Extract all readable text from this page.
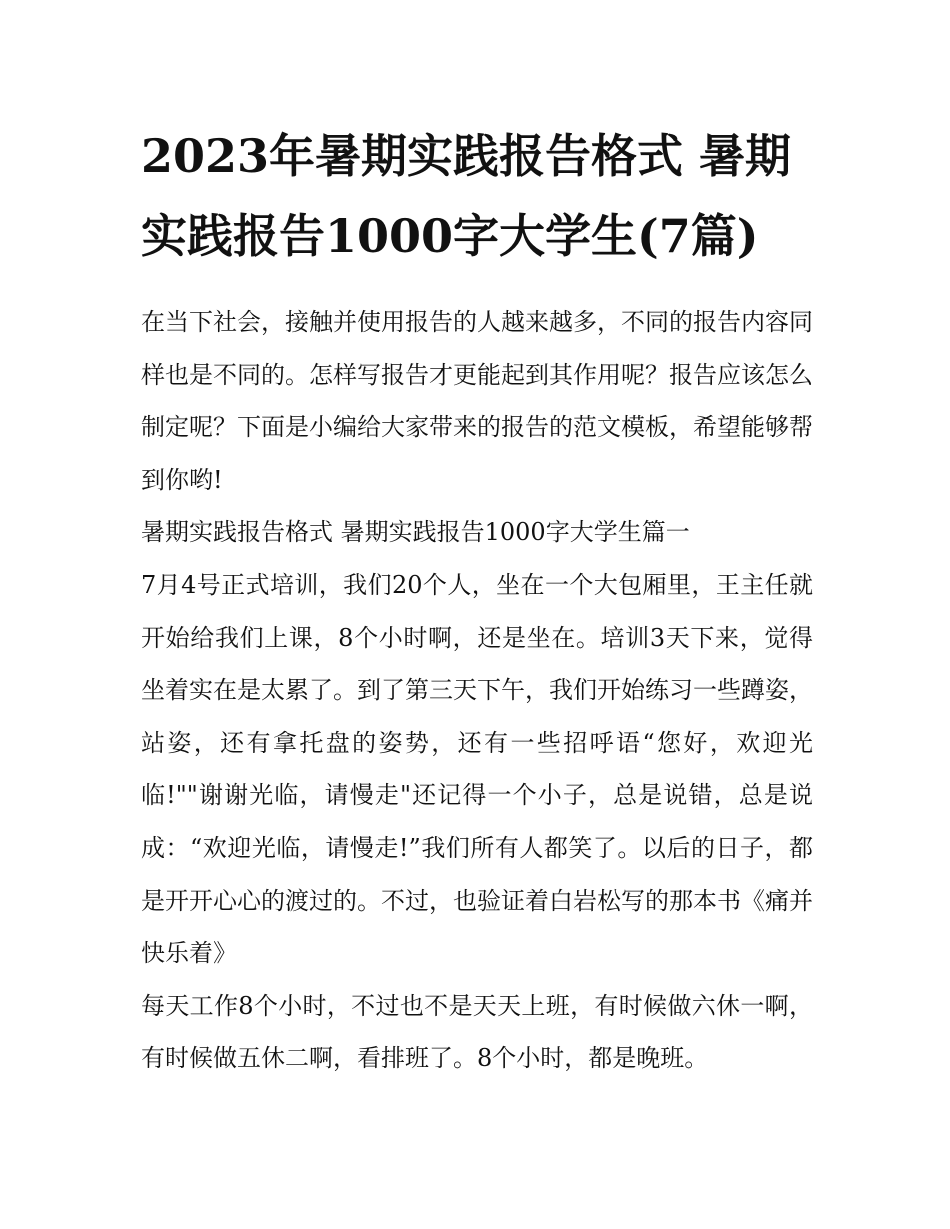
2023年暑期实践报告格式 暑期实践报告1000字大学生(7篇)

在当下社会，接触并使用报告的人越来越多，不同的报告内容同样也是不同的。怎样写报告才更能起到其作用呢？报告应该怎么制定呢？下面是小编给大家带来的报告的范文模板，希望能够帮到你哟!

暑期实践报告格式 暑期实践报告1000字大学生篇一

7月4号正式培训，我们20个人，坐在一个大包厢里，王主任就开始给我们上课，8个小时啊，还是坐在。培训3天下来，觉得坐着实在是太累了。到了第三天下午，我们开始练习一些蹲姿，站姿，还有拿托盘的姿势，还有一些招呼语“您好，欢迎光临!""谢谢光临，请慢走"还记得一个小子，总是说错，总是说成：“欢迎光临，请慢走!”我们所有人都笑了。以后的日子，都是开开心心的渡过的。不过，也验证着白岩松写的那本书《痛并快乐着》

每天工作8个小时，不过也不是天天上班，有时候做六休一啊，有时候做五休二啊，看排班了。8个小时，都是晚班。
